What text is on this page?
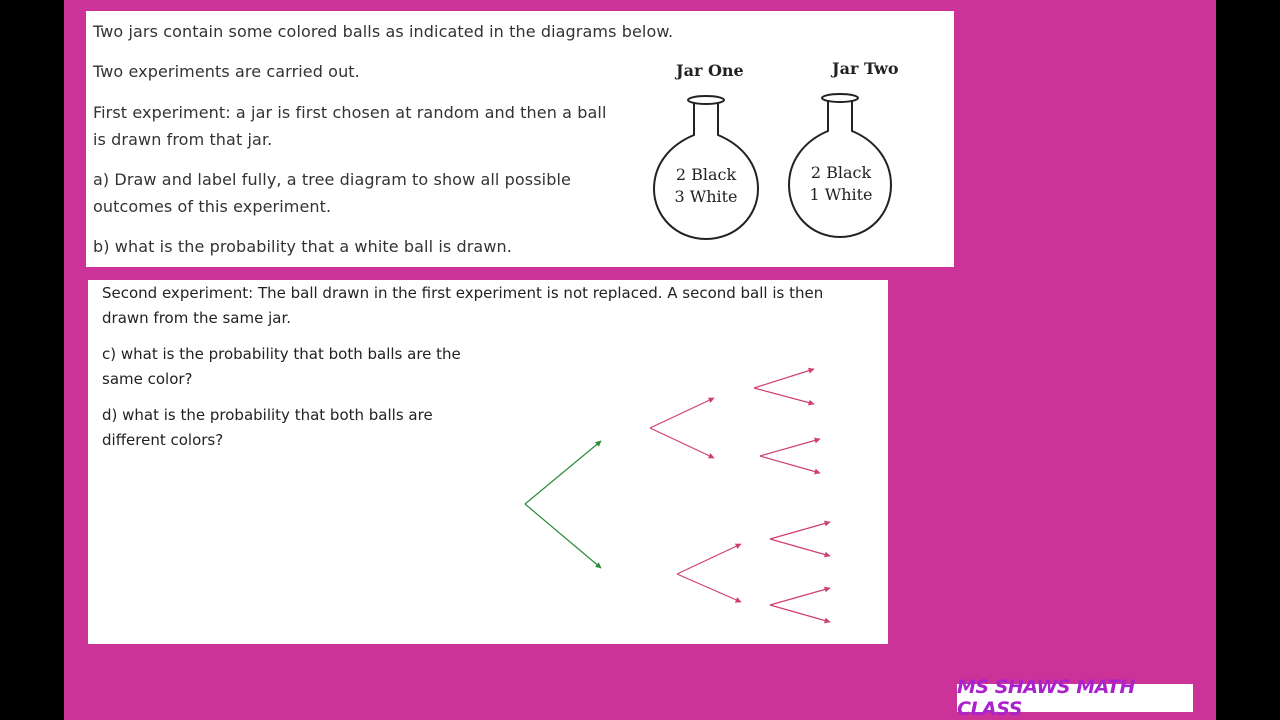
Two jars contain some colored balls as indicated in the diagrams below.

Two experiments are carried out.

First experiment: a jar is first chosen at random and then a ball

is drawn from that jar.

a) Draw and label fully, a tree diagram to show all possible

outcomes of this experiment.

b) what is the probability that a white ball is drawn.

Jar One
2 Black
3 White
Jar Two
2 Black
1 White

Second experiment: The ball drawn in the first experiment is not replaced. A second ball is then

drawn from the same jar.

c) what is the probability that both balls are the

same color?

d) what is the probability that both balls are

different colors?

MS SHAWS MATH CLASS
